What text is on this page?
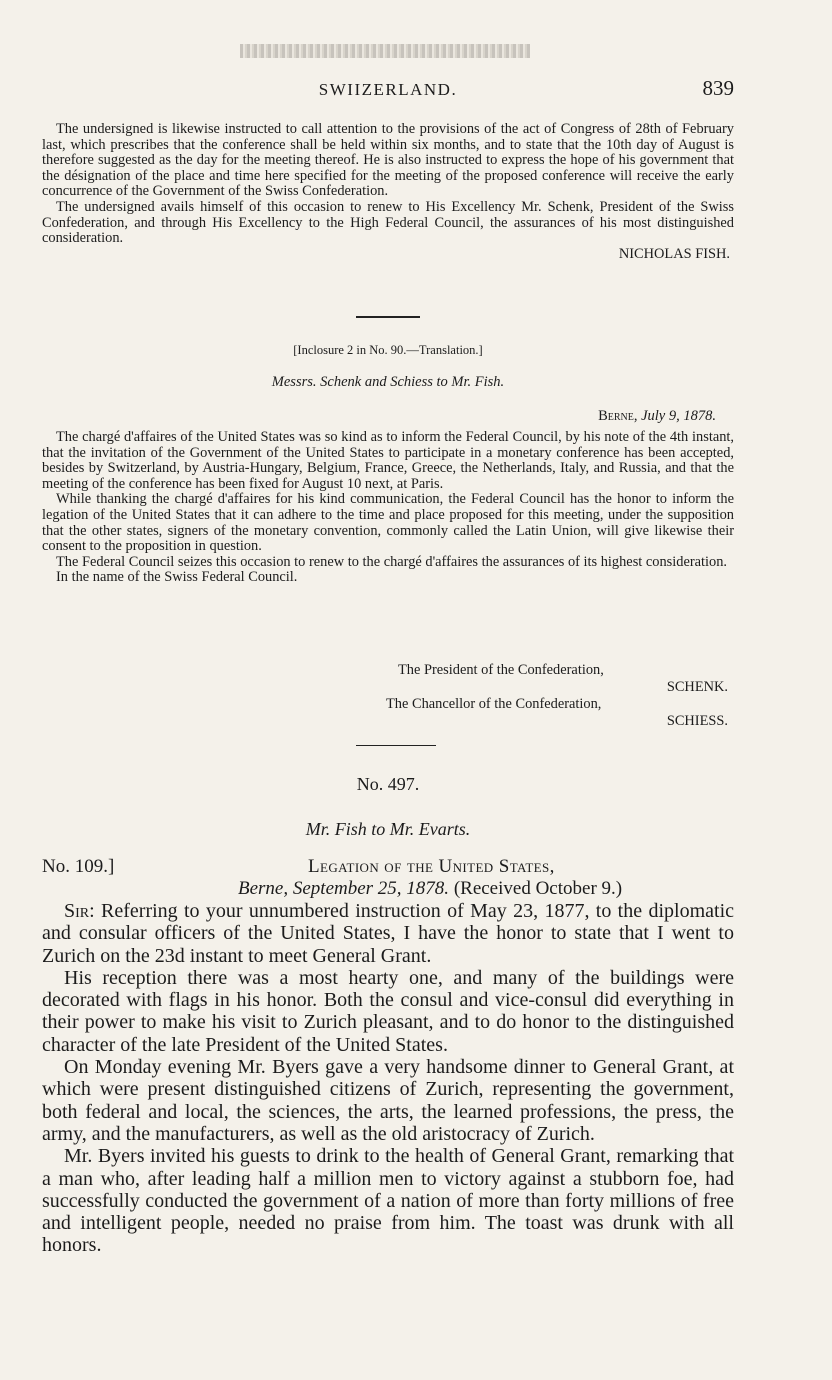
SWIIZERLAND.	839

The undersigned is likewise instructed to call attention to the provisions of the act of Congress of 28th of February last, which prescribes that the conference shall be held within six months, and to state that the 10th day of August is therefore suggested as the day for the meeting thereof. He is also instructed to express the hope of his government that the désignation of the place and time here specified for the meeting of the proposed conference will receive the early concurrence of the Government of the Swiss Confederation.

The undersigned avails himself of this occasion to renew to His Excellency Mr. Schenk, President of the Swiss Confederation, and through His Excellency to the High Federal Council, the assurances of his most distinguished consideration.

NICHOLAS FISH.
[Inclosure 2 in No. 90.—Translation.]
Messrs. Schenk and Schiess to Mr. Fish.
Berne, July 9, 1878.

The chargé d'affaires of the United States was so kind as to inform the Federal Council, by his note of the 4th instant, that the invitation of the Government of the United States to participate in a monetary conference has been accepted, besides by Switzerland, by Austria-Hungary, Belgium, France, Greece, the Netherlands, Italy, and Russia, and that the meeting of the conference has been fixed for August 10 next, at Paris.

While thanking the chargé d'affaires for his kind communication, the Federal Council has the honor to inform the legation of the United States that it can adhere to the time and place proposed for this meeting, under the supposition that the other states, signers of the monetary convention, commonly called the Latin Union, will give likewise their consent to the proposition in question.

The Federal Council seizes this occasion to renew to the chargé d'affaires the assurances of its highest consideration.

In the name of the Swiss Federal Council.

The President of the Confederation,
SCHENK.
The Chancellor of the Confederation,
SCHIESS.
No. 497.
Mr. Fish to Mr. Evarts.
No. 109.]	Legation of the United States,
Berne, September 25, 1878. (Received October 9.)

Sir: Referring to your unnumbered instruction of May 23, 1877, to the diplomatic and consular officers of the United States, I have the honor to state that I went to Zurich on the 23d instant to meet General Grant.

His reception there was a most hearty one, and many of the buildings were decorated with flags in his honor. Both the consul and vice-consul did everything in their power to make his visit to Zurich pleasant, and to do honor to the distinguished character of the late President of the United States.

On Monday evening Mr. Byers gave a very handsome dinner to General Grant, at which were present distinguished citizens of Zurich, representing the government, both federal and local, the sciences, the arts, the learned professions, the press, the army, and the manufacturers, as well as the old aristocracy of Zurich.

Mr. Byers invited his guests to drink to the health of General Grant, remarking that a man who, after leading half a million men to victory against a stubborn foe, had successfully conducted the government of a nation of more than forty millions of free and intelligent people, needed no praise from him. The toast was drunk with all honors.
